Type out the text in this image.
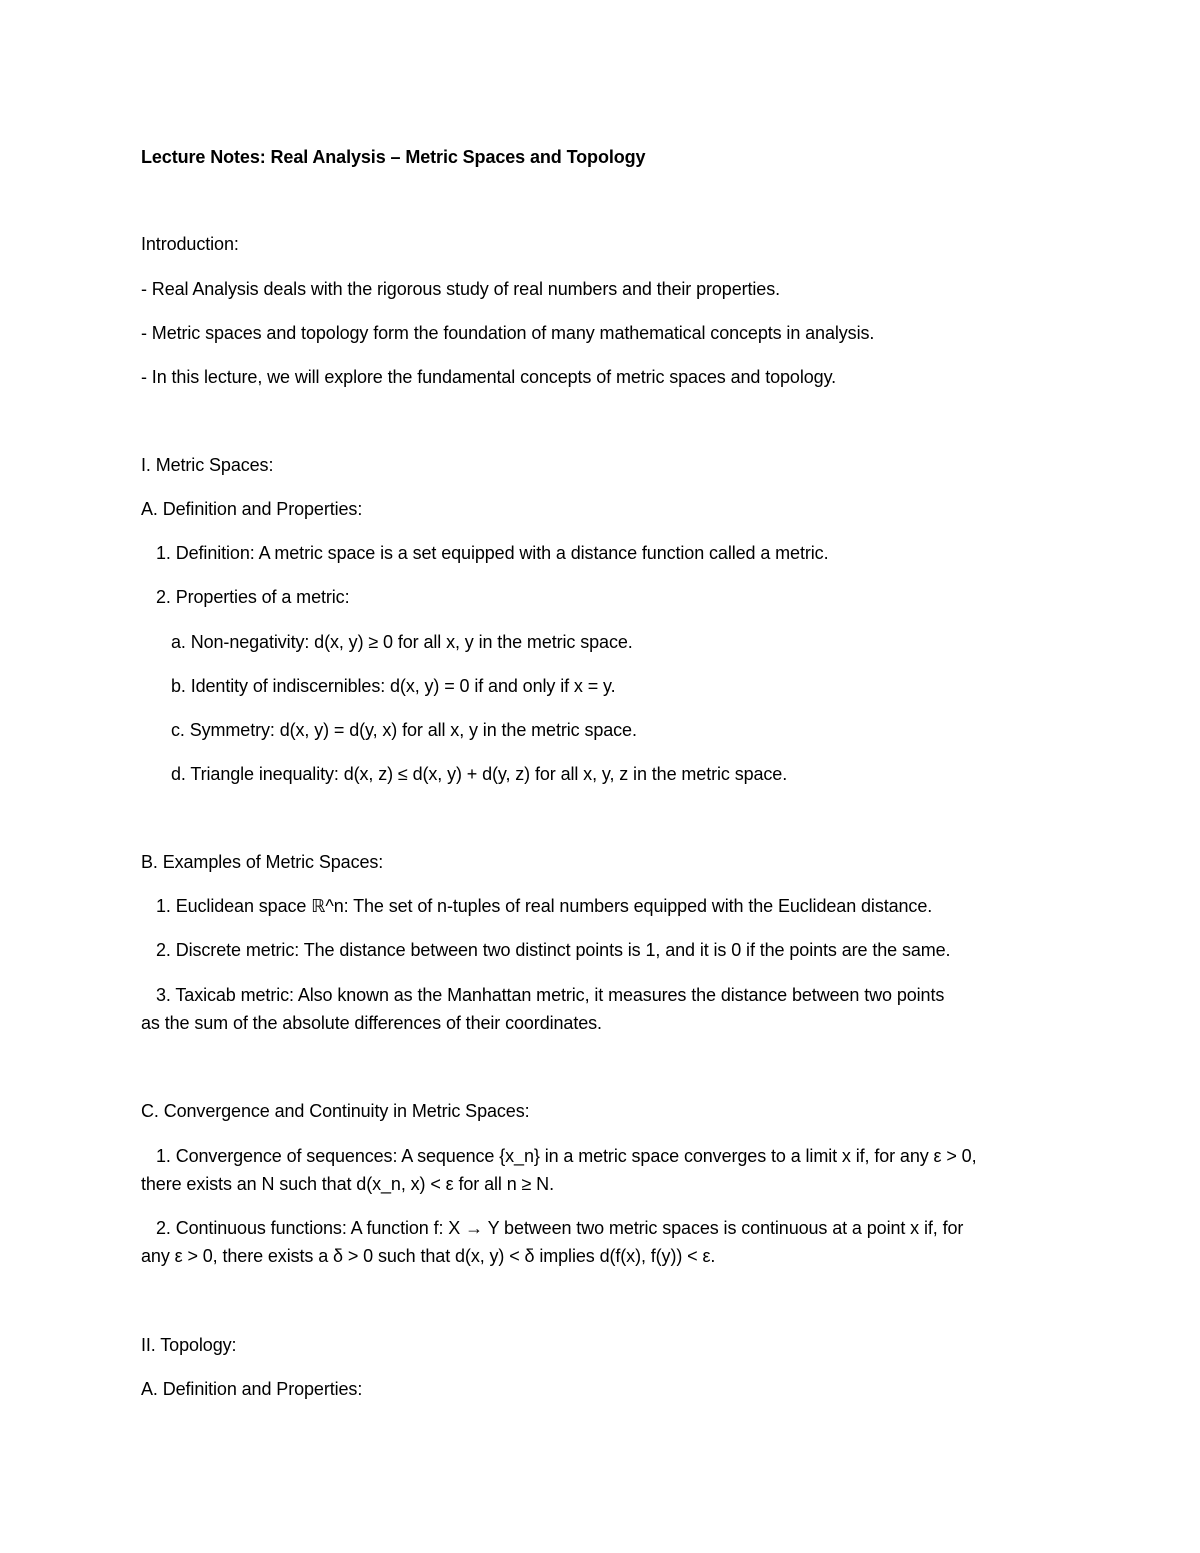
Lecture Notes: Real Analysis – Metric Spaces and Topology
Introduction:
- Real Analysis deals with the rigorous study of real numbers and their properties.
- Metric spaces and topology form the foundation of many mathematical concepts in analysis.
- In this lecture, we will explore the fundamental concepts of metric spaces and topology.
I. Metric Spaces:
A. Definition and Properties:
1. Definition: A metric space is a set equipped with a distance function called a metric.
2. Properties of a metric:
a. Non-negativity: d(x, y) ≥ 0 for all x, y in the metric space.
b. Identity of indiscernibles: d(x, y) = 0 if and only if x = y.
c. Symmetry: d(x, y) = d(y, x) for all x, y in the metric space.
d. Triangle inequality: d(x, z) ≤ d(x, y) + d(y, z) for all x, y, z in the metric space.
B. Examples of Metric Spaces:
1. Euclidean space ℝ^n: The set of n-tuples of real numbers equipped with the Euclidean distance.
2. Discrete metric: The distance between two distinct points is 1, and it is 0 if the points are the same.
3. Taxicab metric: Also known as the Manhattan metric, it measures the distance between two points
as the sum of the absolute differences of their coordinates.
C. Convergence and Continuity in Metric Spaces:
1. Convergence of sequences: A sequence {x_n} in a metric space converges to a limit x if, for any ε > 0,
there exists an N such that d(x_n, x) < ε for all n ≥ N.
2. Continuous functions: A function f: X → Y between two metric spaces is continuous at a point x if, for
any ε > 0, there exists a δ > 0 such that d(x, y) < δ implies d(f(x), f(y)) < ε.
II. Topology:
A. Definition and Properties:
